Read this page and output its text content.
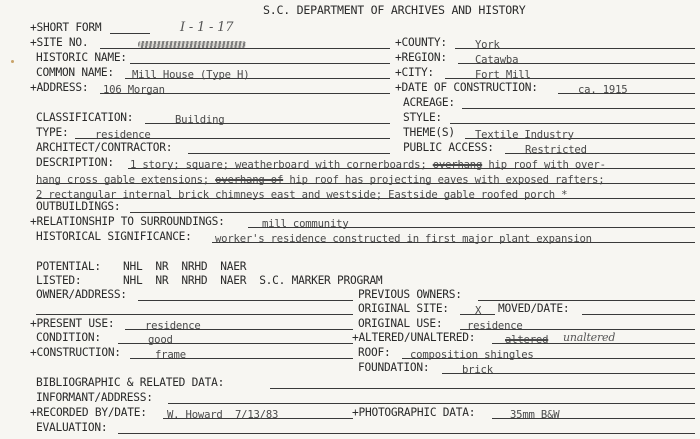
S.C. DEPARTMENT OF ARCHIVES AND HISTORY
+SHORT FORM	I - 1 - 17
+SITE NO.	+COUNTY:	York
HISTORIC NAME:	+REGION:	Catawba
COMMON NAME: Mill House (Type H)	+CITY:	Fort Mill
+ADDRESS: 106 Morgan	+DATE OF CONSTRUCTION:	ca. 1915
ACREAGE:
CLASSIFICATION:	Building	STYLE:
TYPE:	residence	THEME(S) Textile Industry
ARCHITECT/CONTRACTOR:	PUBLIC ACCESS:	Restricted
DESCRIPTION: 1 story; square; weatherboard with cornerboards; overhang hip roof with over-
hang cross gable extensions; overhang of hip roof has projecting eaves with exposed rafters;
2 rectangular internal brick chimneys east and westside; Eastside gable roofed porch *
OUTBUILDINGS:
+RELATIONSHIP TO SURROUNDINGS:	mill community
HISTORICAL SIGNIFICANCE: worker's residence constructed in first major plant expansion
POTENTIAL: NHL  NR  NRHD  NAER
LISTED:	NHL  NR  NRHD  NAER  S.C. MARKER PROGRAM
OWNER/ADDRESS:	PREVIOUS OWNERS:
ORIGINAL SITE: X MOVED/DATE:
+PRESENT USE:	residence	ORIGINAL USE: residence
CONDITION:	good	+ALTERED/UNALTERED:	altered unaltered
+CONSTRUCTION:	frame	ROOF: composition shingles
FOUNDATION:	brick
BIBLIOGRAPHIC & RELATED DATA:
INFORMANT/ADDRESS:
+RECORDED BY/DATE: W. Howard  7/13/83	+PHOTOGRAPHIC DATA:	35mm B&W
EVALUATION:
